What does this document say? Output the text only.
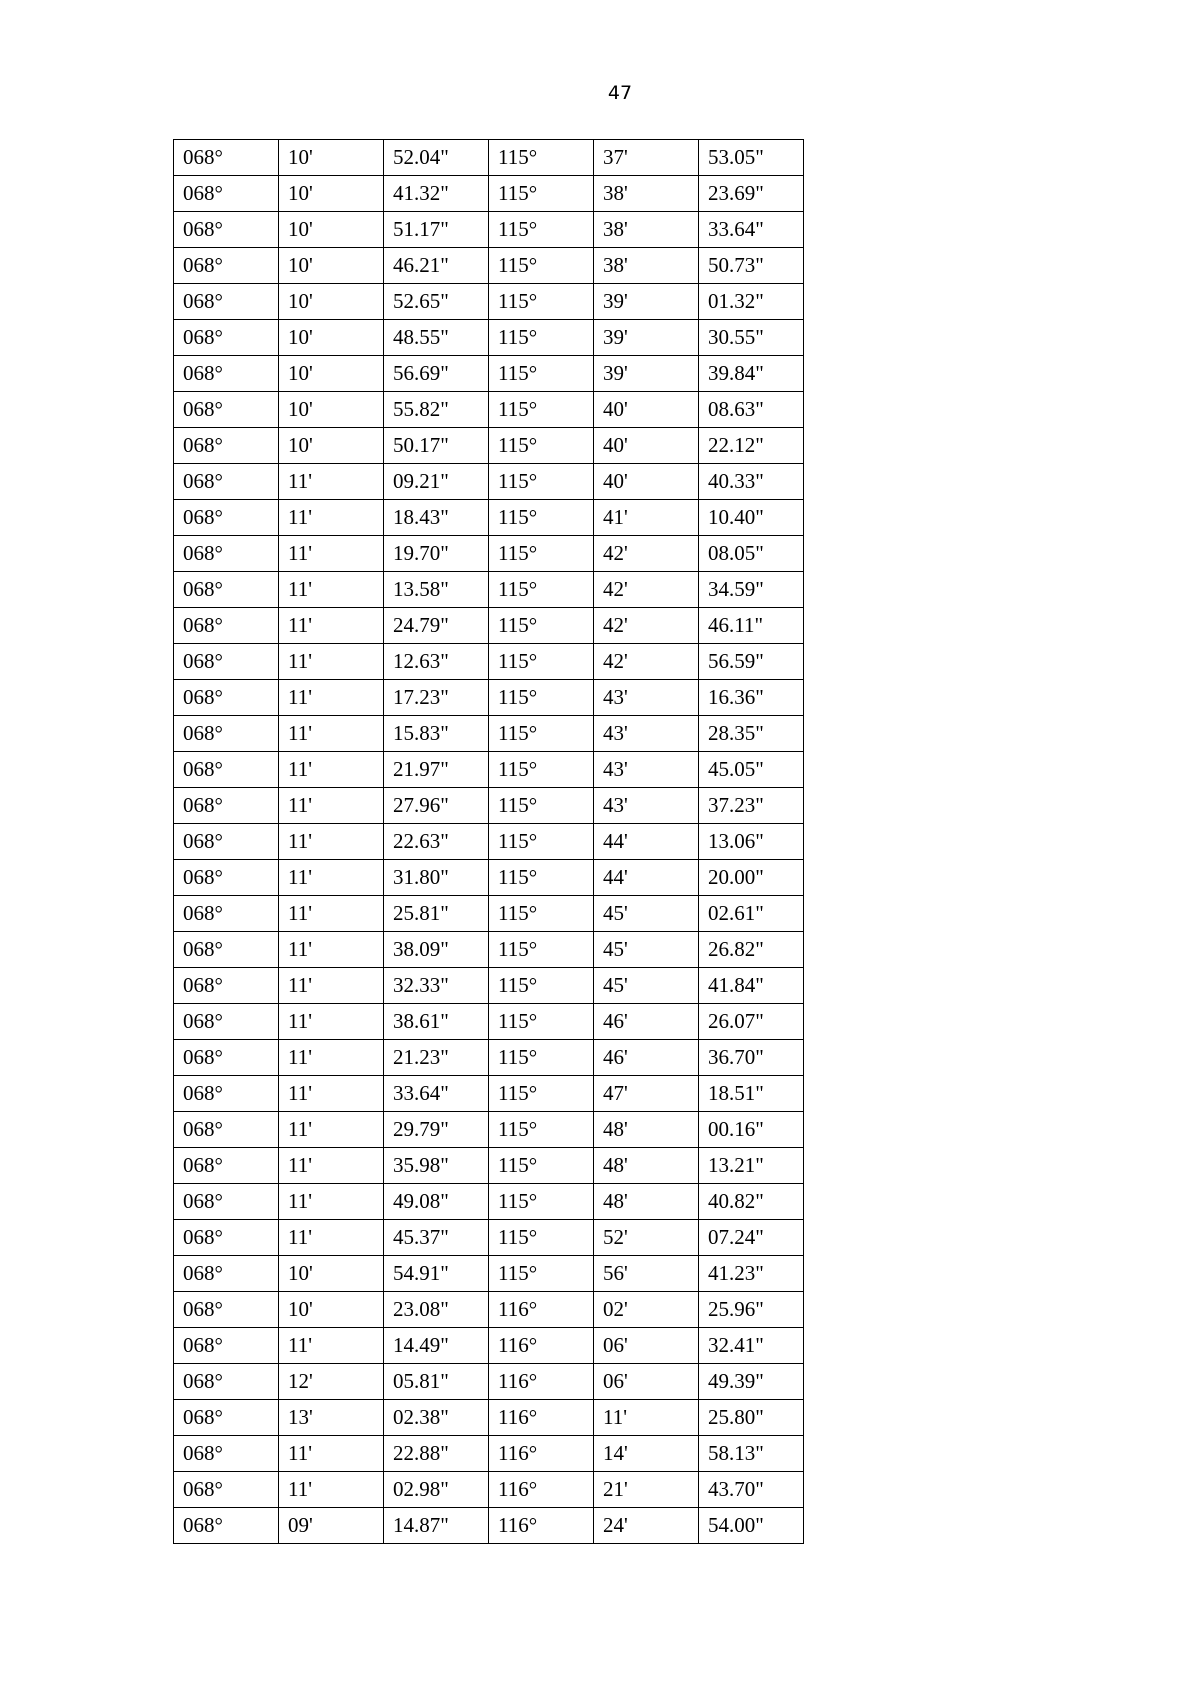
47
068°	10'	52.04"	115°	37'	53.05"
068°	10'	41.32"	115°	38'	23.69"
068°	10'	51.17"	115°	38'	33.64"
068°	10'	46.21"	115°	38'	50.73"
068°	10'	52.65"	115°	39'	01.32"
068°	10'	48.55"	115°	39'	30.55"
068°	10'	56.69"	115°	39'	39.84"
068°	10'	55.82"	115°	40'	08.63"
068°	10'	50.17"	115°	40'	22.12"
068°	11'	09.21"	115°	40'	40.33"
068°	11'	18.43"	115°	41'	10.40"
068°	11'	19.70"	115°	42'	08.05"
068°	11'	13.58"	115°	42'	34.59"
068°	11'	24.79"	115°	42'	46.11"
068°	11'	12.63"	115°	42'	56.59"
068°	11'	17.23"	115°	43'	16.36"
068°	11'	15.83"	115°	43'	28.35"
068°	11'	21.97"	115°	43'	45.05"
068°	11'	27.96"	115°	43'	37.23"
068°	11'	22.63"	115°	44'	13.06"
068°	11'	31.80"	115°	44'	20.00"
068°	11'	25.81"	115°	45'	02.61"
068°	11'	38.09"	115°	45'	26.82"
068°	11'	32.33"	115°	45'	41.84"
068°	11'	38.61"	115°	46'	26.07"
068°	11'	21.23"	115°	46'	36.70"
068°	11'	33.64"	115°	47'	18.51"
068°	11'	29.79"	115°	48'	00.16"
068°	11'	35.98"	115°	48'	13.21"
068°	11'	49.08"	115°	48'	40.82"
068°	11'	45.37"	115°	52'	07.24"
068°	10'	54.91"	115°	56'	41.23"
068°	10'	23.08"	116°	02'	25.96"
068°	11'	14.49"	116°	06'	32.41"
068°	12'	05.81"	116°	06'	49.39"
068°	13'	02.38"	116°	11'	25.80"
068°	11'	22.88"	116°	14'	58.13"
068°	11'	02.98"	116°	21'	43.70"
068°	09'	14.87"	116°	24'	54.00"
